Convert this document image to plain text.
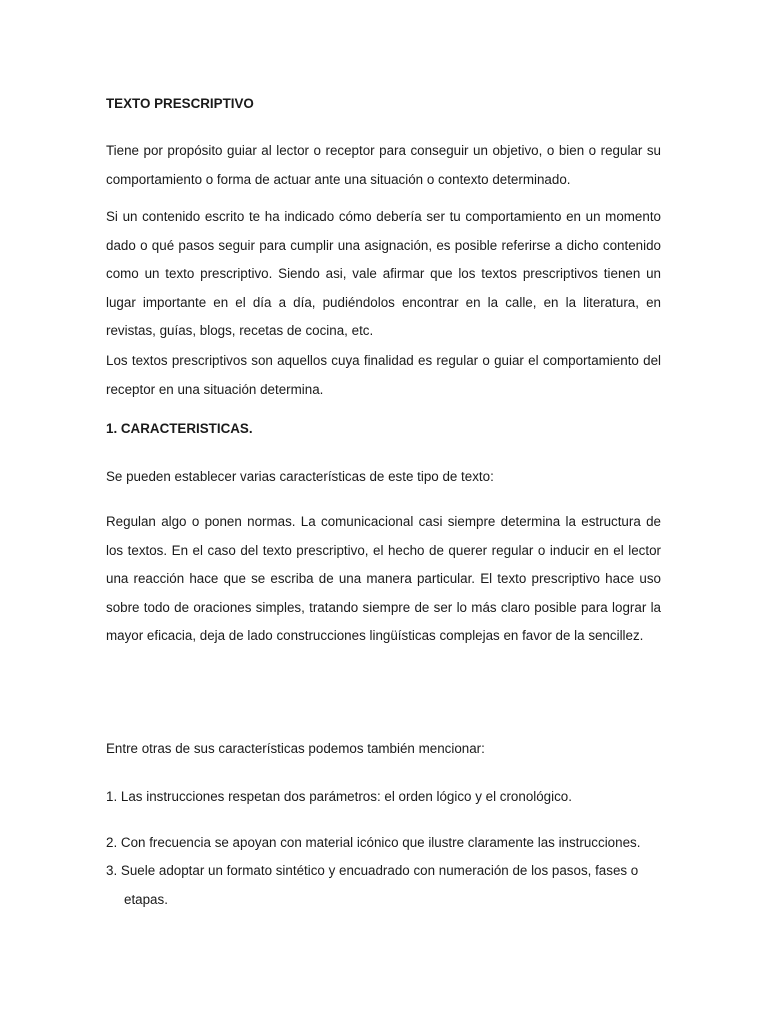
TEXTO PRESCRIPTIVO

Tiene por propósito guiar al lector o receptor para conseguir un objetivo, o bien o regular su comportamiento o forma de actuar ante una situación o contexto determinado.

Si un contenido escrito te ha indicado cómo debería ser tu comportamiento en un momento dado o qué pasos seguir para cumplir una asignación, es posible referirse a dicho contenido como un texto prescriptivo. Siendo asi, vale afirmar que los textos prescriptivos tienen un lugar importante en el día a día, pudiéndolos encontrar en la calle, en la literatura, en revistas, guías, blogs, recetas de cocina, etc.

Los textos prescriptivos son aquellos cuya finalidad es regular o guiar el comportamiento del receptor en una situación determina.

1. CARACTERISTICAS.

Se pueden establecer varias características de este tipo de texto:

Regulan algo o ponen normas. La comunicacional casi siempre determina la estructura de los textos. En el caso del texto prescriptivo, el hecho de querer regular o inducir en el lector una reacción hace que se escriba de una manera particular. El texto prescriptivo hace uso sobre todo de oraciones simples, tratando siempre de ser lo más claro posible para lograr la mayor eficacia, deja de lado construcciones lingüísticas complejas en favor de la sencillez.

Entre otras de sus características podemos también mencionar:

1. Las instrucciones respetan dos parámetros: el orden lógico y el cronológico.

2. Con frecuencia se apoyan con material icónico que ilustre claramente las instrucciones.

3. Suele adoptar un formato sintético y encuadrado con numeración de los pasos, fases o etapas.
